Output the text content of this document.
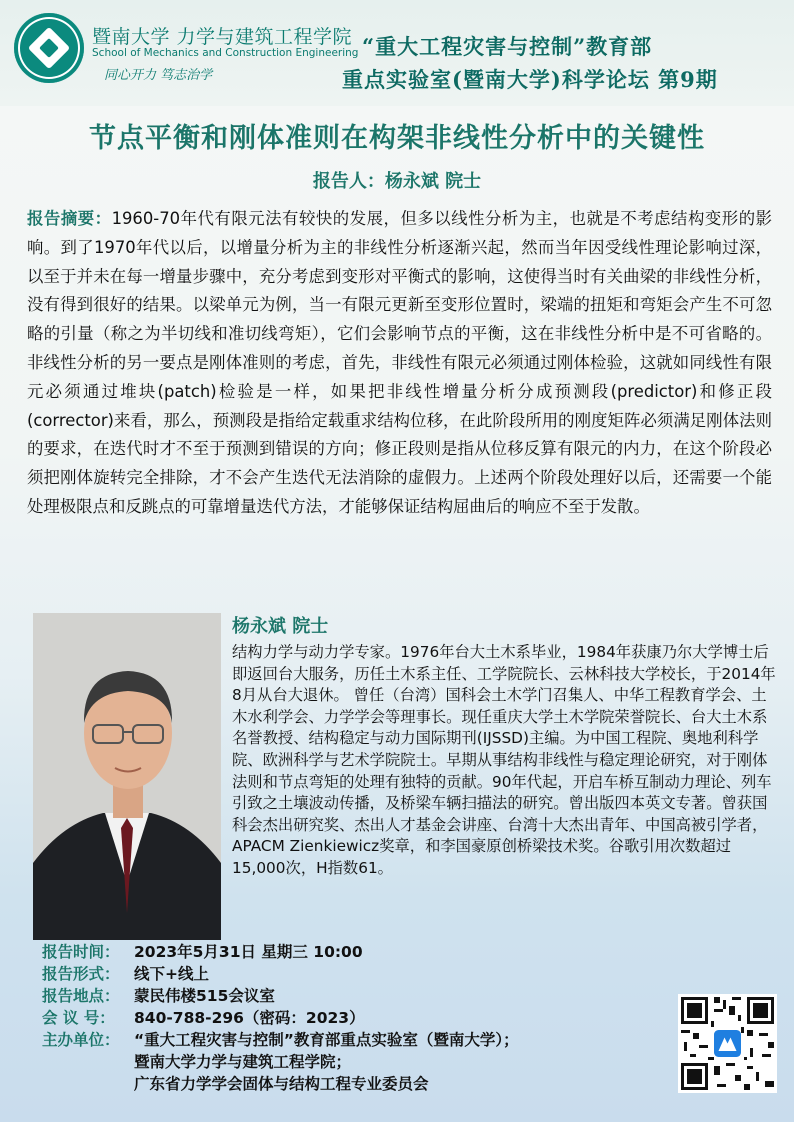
暨南大学 力学与建筑工程学院
School of Mechanics and Construction Engineering
同心开力 笃志治学
“重大工程灾害与控制”教育部
重点实验室(暨南大学)科学论坛 第9期
节点平衡和刚体准则在构架非线性分析中的关键性
报告人：杨永斌 院士
报告摘要：1960-70年代有限元法有较快的发展，但多以线性分析为主，也就是不考虑结构变形的影响。到了1970年代以后，以增量分析为主的非线性分析逐渐兴起，然而当年因受线性理论影响过深，以至于并未在每一增量步骤中，充分考虑到变形对平衡式的影响，这使得当时有关曲梁的非线性分析，没有得到很好的结果。以梁单元为例，当一有限元更新至变形位置时，梁端的扭矩和弯矩会产生不可忽略的引量（称之为半切线和准切线弯矩），它们会影响节点的平衡，这在非线性分析中是不可省略的。非线性分析的另一要点是刚体准则的考虑，首先，非线性有限元必须通过刚体检验，这就如同线性有限元必须通过堆块(patch)检验是一样，如果把非线性增量分析分成预测段(predictor)和修正段(corrector)来看，那么，预测段是指给定载重求结构位移，在此阶段所用的刚度矩阵必须满足刚体法则的要求，在迭代时才不至于预测到错误的方向；修正段则是指从位移反算有限元的内力，在这个阶段必须把刚体旋转完全排除，才不会产生迭代无法消除的虚假力。上述两个阶段处理好以后，还需要一个能处理极限点和反跳点的可靠增量迭代方法，才能够保证结构屈曲后的响应不至于发散。
杨永斌 院士
结构力学与动力学专家。1976年台大土木系毕业，1984年获康乃尔大学博士后即返回台大服务，历任土木系主任、工学院院长、云林科技大学校长，于2014年8月从台大退休。 曾任（台湾）国科会土木学门召集人、中华工程教育学会、土木水利学会、力学学会等理事长。现任重庆大学土木学院荣誉院长、台大土木系名誉教授、结构稳定与动力国际期刊(IJSSD)主编。为中国工程院、奥地利科学院、欧洲科学与艺术学院院士。早期从事结构非线性与稳定理论研究，对于刚体法则和节点弯矩的处理有独特的贡献。90年代起，开启车桥互制动力理论、列车引致之土壤波动传播，及桥梁车辆扫描法的研究。曾出版四本英文专著。曾获国科会杰出研究奖、杰出人才基金会讲座、台湾十大杰出青年、中国高被引学者，APACM Zienkiewicz奖章，和李国豪原创桥梁技术奖。谷歌引用次数超过15,000次，H指数61。
报告时间： 2023年5月31日 星期三 10:00
报告形式： 线下+线上
报告地点： 蒙民伟楼515会议室
会 议 号： 840-788-296（密码：2023）
主办单位： “重大工程灾害与控制”教育部重点实验室（暨南大学）；
暨南大学力学与建筑工程学院；
广东省力学学会固体与结构工程专业委员会
